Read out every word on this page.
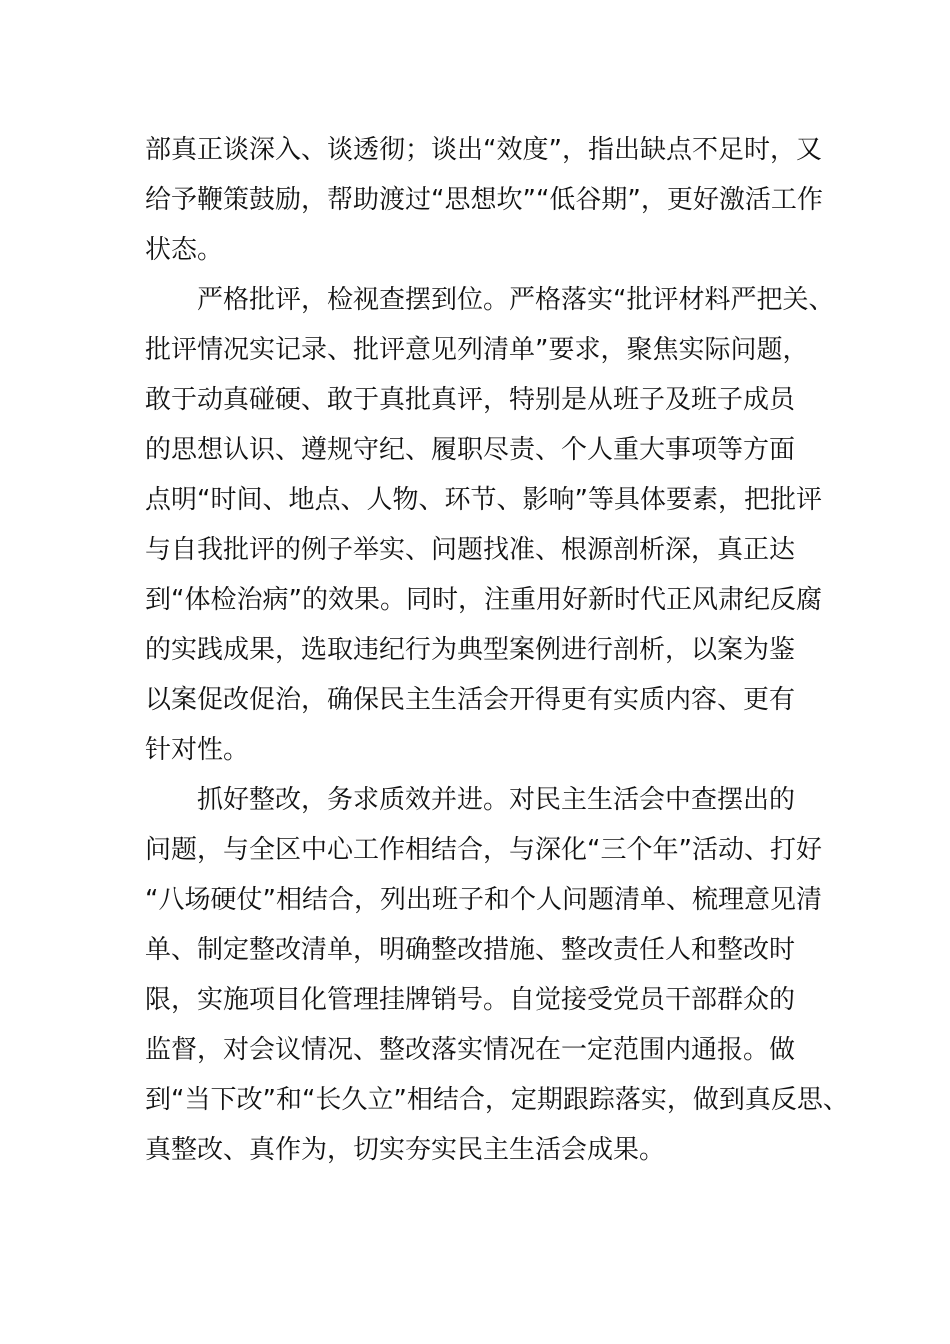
部真正谈深入、谈透彻；谈出“效度”，指出缺点不足时，又

给予鞭策鼓励，帮助渡过“思想坎”“低谷期”，更好激活工作

状态。

严格批评，检视查摆到位。严格落实“批评材料严把关、

批评情况实记录、批评意见列清单”要求，聚焦实际问题，

敢于动真碰硬、敢于真批真评，特别是从班子及班子成员

的思想认识、遵规守纪、履职尽责、个人重大事项等方面

点明“时间、地点、人物、环节、影响”等具体要素，把批评

与自我批评的例子举实、问题找准、根源剖析深，真正达

到“体检治病”的效果。同时，注重用好新时代正风肃纪反腐

的实践成果，选取违纪行为典型案例进行剖析，以案为鉴

以案促改促治，确保民主生活会开得更有实质内容、更有

针对性。

抓好整改，务求质效并进。对民主生活会中查摆出的

问题，与全区中心工作相结合，与深化“三个年”活动、打好

“八场硬仗”相结合，列出班子和个人问题清单、梳理意见清

单、制定整改清单，明确整改措施、整改责任人和整改时

限，实施项目化管理挂牌销号。自觉接受党员干部群众的

监督，对会议情况、整改落实情况在一定范围内通报。做

到“当下改”和“长久立”相结合，定期跟踪落实，做到真反思、

真整改、真作为，切实夯实民主生活会成果。
